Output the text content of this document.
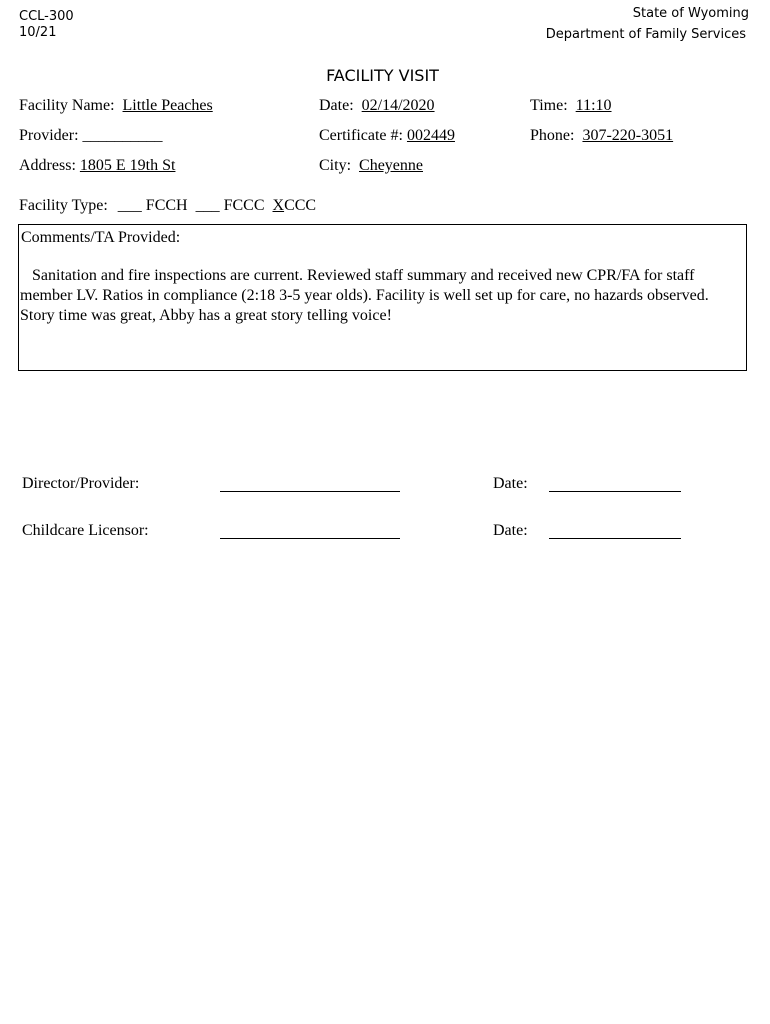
CCL-300
10/21
State of Wyoming
Department of Family Services
FACILITY VISIT
Facility Name: Little Peaches	Date: 02/14/2020	Time: 11:10
Provider: __________	Certificate #: 002449	Phone: 307-220-3051
Address: 1805 E 19th St	City: Cheyenne
Facility Type: ___ FCCH ___ FCCC XCCC
Comments/TA Provided:
Sanitation and fire inspections are current. Reviewed staff summary and received new CPR/FA for staff member LV. Ratios in compliance (2:18 3-5 year olds). Facility is well set up for care, no hazards observed. Story time was great, Abby has a great story telling voice!
Director/Provider:	Date:
Childcare Licensor:	Date:
